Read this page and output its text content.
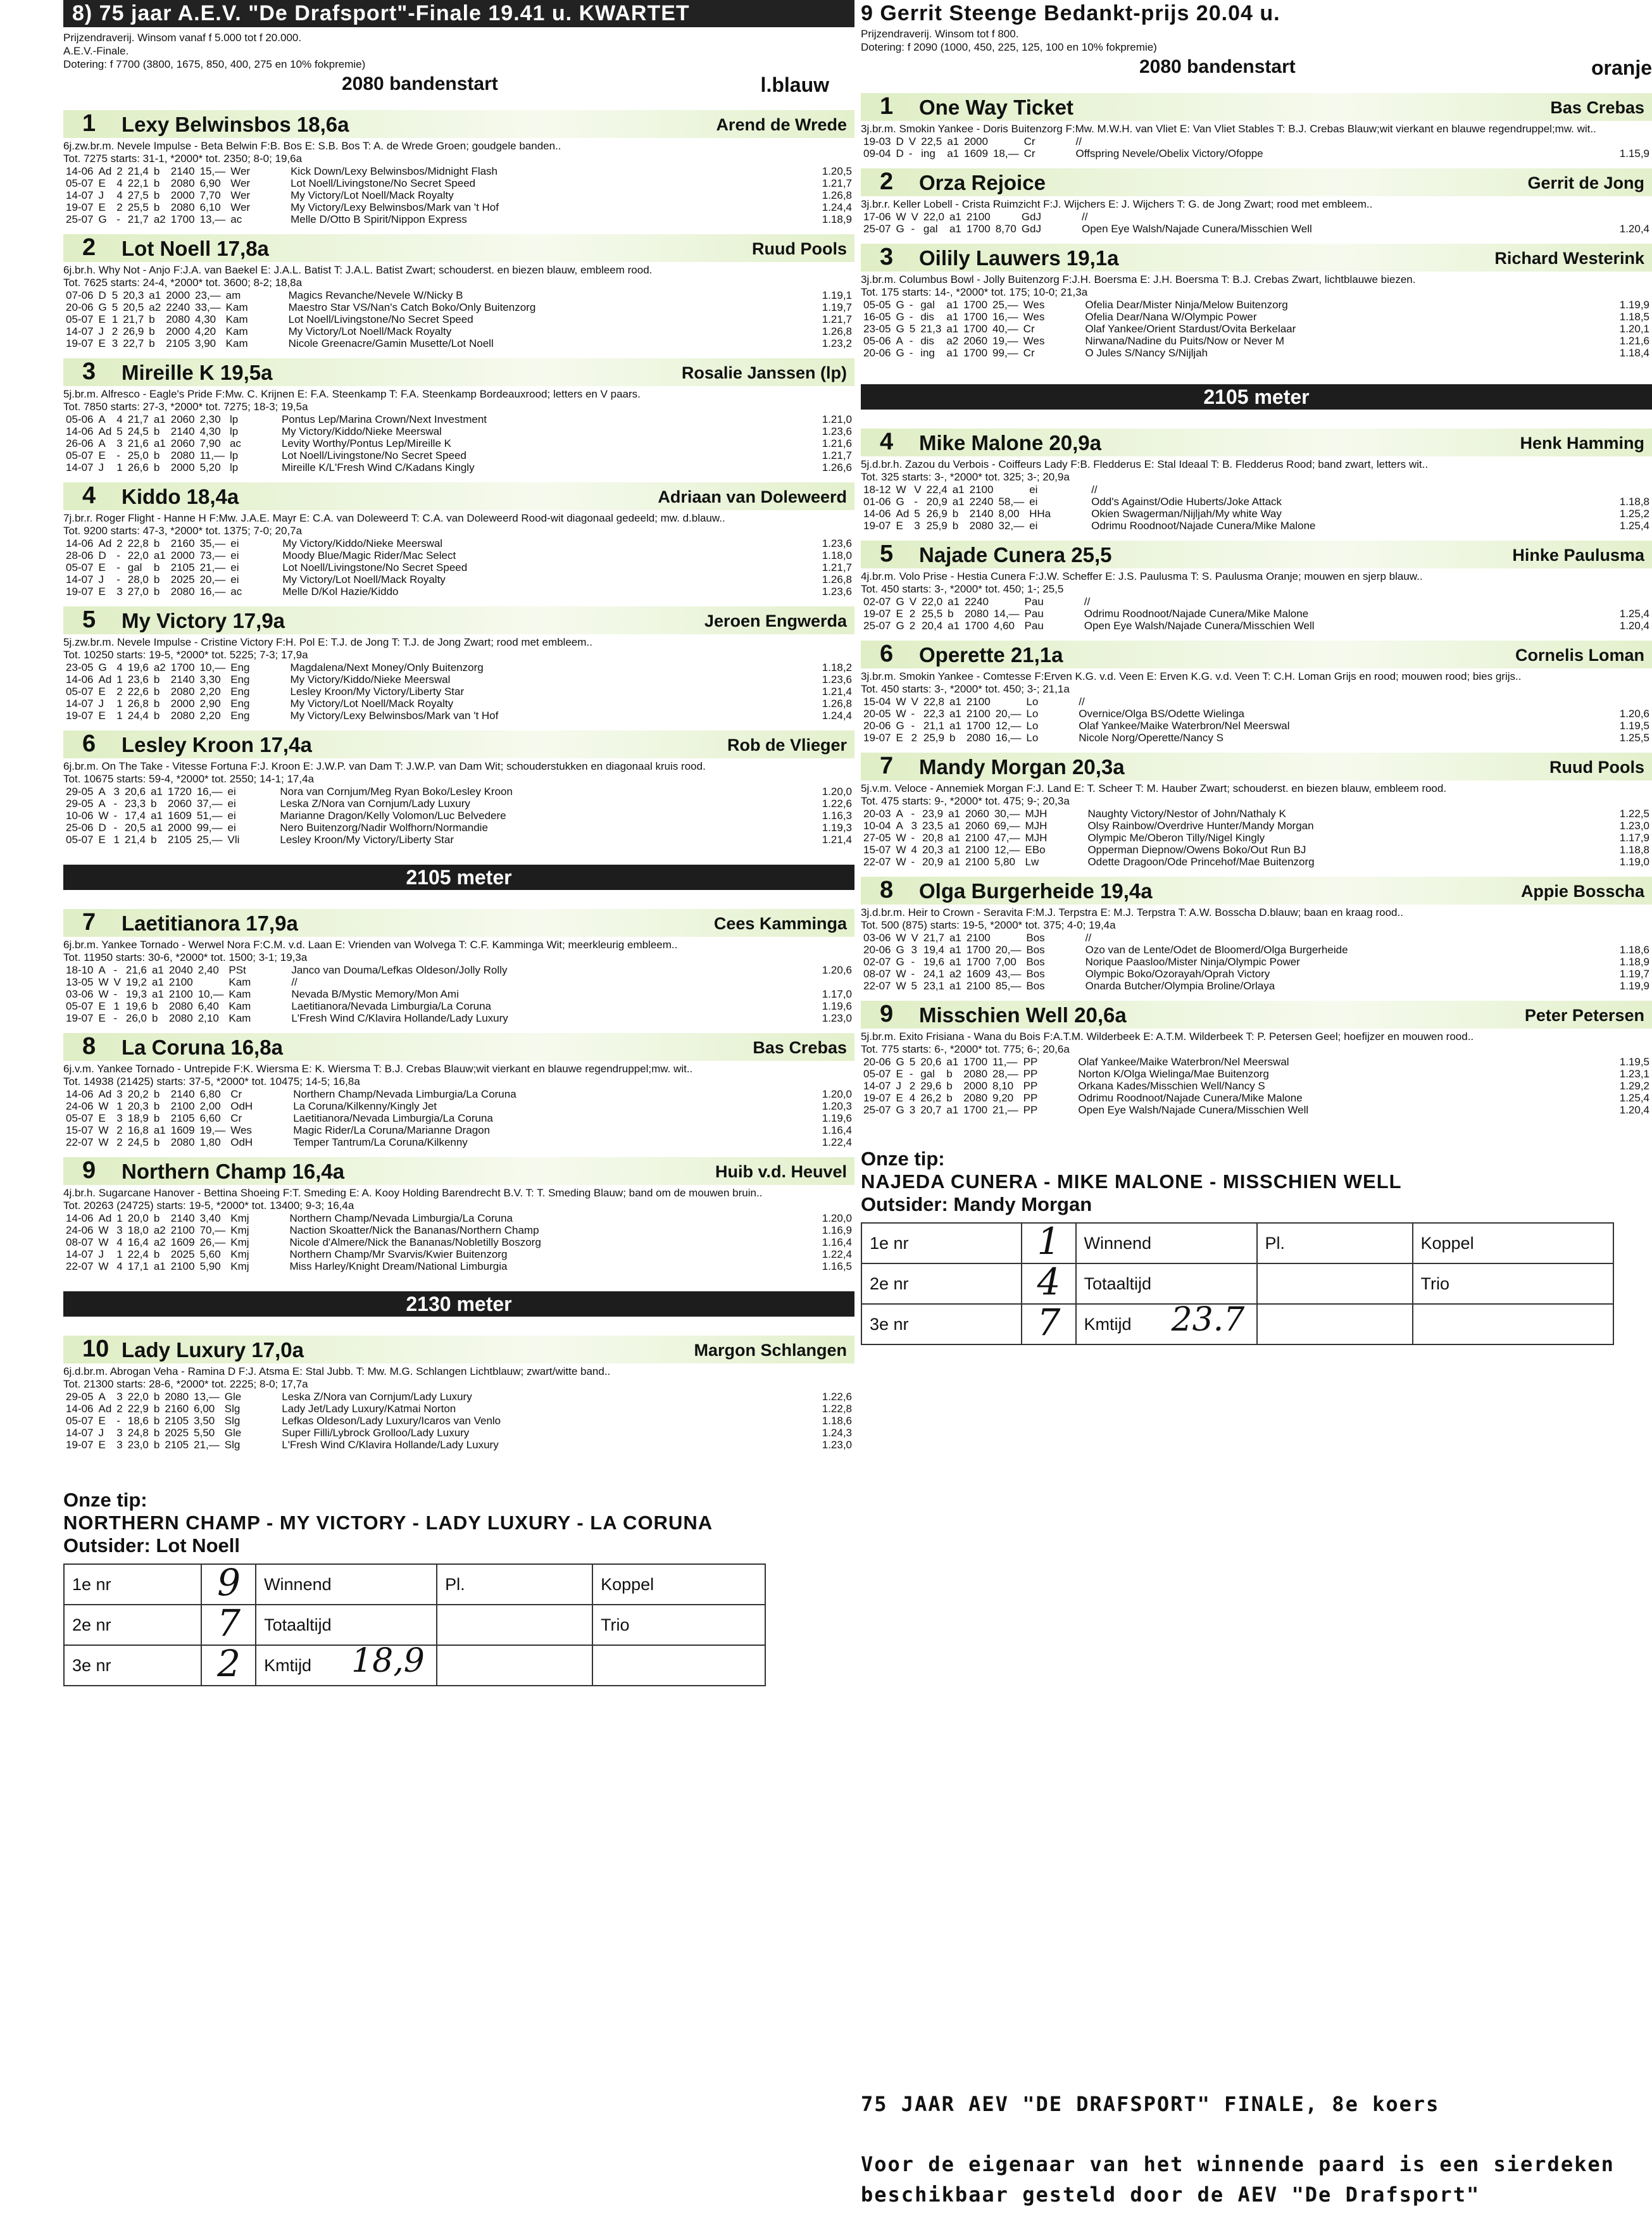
8) 75 jaar A.E.V. "De Drafsport"-Finale 19.41 u. KWARTET
Prijzendraverij. Winsom vanaf f 5.000 tot f 20.000.
A.E.V.-Finale.
Dotering: f 7700 (3800, 1675, 850, 400, 275 en 10% fokpremie)
2080 bandenstart	l.blauw
1 Lexy Belwinsbos 18,6a	Arend de Wrede
6j.zw.br.m. Nevele Impulse - Beta Belwin F:B. Bos E: S.B. Bos T: A. de Wrede Groen; goudgele banden..
Tot. 7275 starts: 31-1, *2000* tot. 2350; 8-0; 19,6a
14-06	Ad	2	21,4	b	2140	15,—	Wer	Kick Down/Lexy Belwinsbos/Midnight Flash	1.20,5
05-07	E	4	22,1	b	2080	6,90	Wer	Lot Noell/Livingstone/No Secret Speed	1.21,7
14-07	J	4	27,5	b	2000	7,70	Wer	My Victory/Lot Noell/Mack Royalty	1.26,8
19-07	E	2	25,5	b	2080	6,10	Wer	My Victory/Lexy Belwinsbos/Mark van 't Hof	1.24,4
25-07	G	-	21,7	a2	1700	13,—	ac	Melle D/Otto B Spirit/Nippon Express	1.18,9
2 Lot Noell 17,8a	Ruud Pools
6j.br.h. Why Not - Anjo F:J.A. van Baekel E: J.A.L. Batist T: J.A.L. Batist Zwart; schouderst. en biezen blauw, embleem rood.
Tot. 7625 starts: 24-4, *2000* tot. 3600; 8-2; 18,8a
07-06	D	5	20,3	a1	2000	23,—	am	Magics Revanche/Nevele W/Nicky B	1.19,1
20-06	G	5	20,5	a2	2240	33,—	Kam	Maestro Star VS/Nan's Catch Boko/Only Buitenzorg	1.19,7
05-07	E	1	21,7	b	2080	4,30	Kam	Lot Noell/Livingstone/No Secret Speed	1.21,7
14-07	J	2	26,9	b	2000	4,20	Kam	My Victory/Lot Noell/Mack Royalty	1.26,8
19-07	E	3	22,7	b	2105	3,90	Kam	Nicole Greenacre/Gamin Musette/Lot Noell	1.23,2
3 Mireille K 19,5a	Rosalie Janssen (lp)
5j.br.m. Alfresco - Eagle's Pride F:Mw. C. Krijnen E: F.A. Steenkamp T: F.A. Steenkamp Bordeauxrood; letters en V paars.
Tot. 7850 starts: 27-3, *2000* tot. 7275; 18-3; 19,5a
05-06	A	4	21,7	a1	2060	2,30	lp	Pontus Lep/Marina Crown/Next Investment	1.21,0
14-06	Ad	5	24,5	b	2140	4,30	lp	My Victory/Kiddo/Nieke Meerswal	1.23,6
26-06	A	3	21,6	a1	2060	7,90	ac	Levity Worthy/Pontus Lep/Mireille K	1.21,6
05-07	E	-	25,0	b	2080	11,—	lp	Lot Noell/Livingstone/No Secret Speed	1.21,7
14-07	J	1	26,6	b	2000	5,20	lp	Mireille K/L'Fresh Wind C/Kadans Kingly	1.26,6
4 Kiddo 18,4a	Adriaan van Doleweerd
7j.br.r. Roger Flight - Hanne H F:Mw. J.A.E. Mayr E: C.A. van Doleweerd T: C.A. van Doleweerd Rood-wit diagonaal gedeeld; mw. d.blauw..
Tot. 9200 starts: 47-3, *2000* tot. 1375; 7-0; 20,7a
14-06	Ad	2	22,8	b	2160	35,—	ei	My Victory/Kiddo/Nieke Meerswal	1.23,6
28-06	D	-	22,0	a1	2000	73,—	ei	Moody Blue/Magic Rider/Mac Select	1.18,0
05-07	E	-	gal	b	2105	21,—	ei	Lot Noell/Livingstone/No Secret Speed	1.21,7
14-07	J	-	28,0	b	2025	20,—	ei	My Victory/Lot Noell/Mack Royalty	1.26,8
19-07	E	3	27,0	b	2080	16,—	ac	Melle D/Kol Hazie/Kiddo	1.23,6
5 My Victory 17,9a	Jeroen Engwerda
5j.zw.br.m. Nevele Impulse - Cristine Victory F:H. Pol E: T.J. de Jong T: T.J. de Jong Zwart; rood met embleem..
Tot. 10250 starts: 19-5, *2000* tot. 5225; 7-3; 17,9a
23-05	G	4	19,6	a2	1700	10,—	Eng	Magdalena/Next Money/Only Buitenzorg	1.18,2
14-06	Ad	1	23,6	b	2140	3,30	Eng	My Victory/Kiddo/Nieke Meerswal	1.23,6
05-07	E	2	22,6	b	2080	2,20	Eng	Lesley Kroon/My Victory/Liberty Star	1.21,4
14-07	J	1	26,8	b	2000	2,90	Eng	My Victory/Lot Noell/Mack Royalty	1.26,8
19-07	E	1	24,4	b	2080	2,20	Eng	My Victory/Lexy Belwinsbos/Mark van 't Hof	1.24,4
6 Lesley Kroon 17,4a	Rob de Vlieger
6j.br.m. On The Take - Vitesse Fortuna F:J. Kroon E: J.W.P. van Dam T: J.W.P. van Dam Wit; schouderstukken en diagonaal kruis rood.
Tot. 10675 starts: 59-4, *2000* tot. 2550; 14-1; 17,4a
29-05	A	3	20,6	a1	1720	16,—	ei	Nora van Cornjum/Meg Ryan Boko/Lesley Kroon	1.20,0
29-05	A	-	23,3	b	2060	37,—	ei	Leska Z/Nora van Cornjum/Lady Luxury	1.22,6
10-06	W	-	17,4	a1	1609	51,—	ei	Marianne Dragon/Kelly Volomon/Luc Belvedere	1.16,3
25-06	D	-	20,5	a1	2000	99,—	ei	Nero Buitenzorg/Nadir Wolfhorn/Normandie	1.19,3
05-07	E	1	21,4	b	2105	25,—	Vli	Lesley Kroon/My Victory/Liberty Star	1.21,4
2105 meter
7 Laetitianora 17,9a	Cees Kamminga
6j.br.m. Yankee Tornado - Werwel Nora F:C.M. v.d. Laan E: Vrienden van Wolvega T: C.F. Kamminga Wit; meerkleurig embleem..
Tot. 11950 starts: 30-6, *2000* tot. 1500; 3-1; 19,3a
18-10	A	-	21,6	a1	2040	2,40	PSt	Janco van Douma/Lefkas Oldeson/Jolly Rolly	1.20,6
13-05	W	V	19,2	a1	2100		Kam	//	
03-06	W	-	19,3	a1	2100	10,—	Kam	Nevada B/Mystic Memory/Mon Ami	1.17,0
05-07	E	1	19,6	b	2080	6,40	Kam	Laetitianora/Nevada Limburgia/La Coruna	1.19,6
19-07	E	-	26,0	b	2080	2,10	Kam	L'Fresh Wind C/Klavira Hollande/Lady Luxury	1.23,0
8 La Coruna 16,8a	Bas Crebas
6j.v.m. Yankee Tornado - Untrepide F:K. Wiersma E: K. Wiersma T: B.J. Crebas Blauw;wit vierkant en blauwe regendruppel;mw. wit..
Tot. 14938 (21425) starts: 37-5, *2000* tot. 10475; 14-5; 16,8a
14-06	Ad	3	20,2	b	2140	6,80	Cr	Northern Champ/Nevada Limburgia/La Coruna	1.20,0
24-06	W	1	20,3	b	2100	2,00	OdH	La Coruna/Kilkenny/Kingly Jet	1.20,3
05-07	E	3	18,9	b	2105	6,60	Cr	Laetitianora/Nevada Limburgia/La Coruna	1.19,6
15-07	W	2	16,8	a1	1609	19,—	Wes	Magic Rider/La Coruna/Marianne Dragon	1.16,4
22-07	W	2	24,5	b	2080	1,80	OdH	Temper Tantrum/La Coruna/Kilkenny	1.22,4
9 Northern Champ 16,4a	Huib v.d. Heuvel
4j.br.h. Sugarcane Hanover - Bettina Shoeing F:T. Smeding E: A. Kooy Holding Barendrecht B.V. T: T. Smeding Blauw; band om de mouwen bruin..
Tot. 20263 (24725) starts: 19-5, *2000* tot. 13400; 9-3; 16,4a
14-06	Ad	1	20,0	b	2140	3,40	Kmj	Northern Champ/Nevada Limburgia/La Coruna	1.20,0
24-06	W	3	18,0	a2	2100	70,—	Kmj	Naction Skoatter/Nick the Bananas/Northern Champ	1.16,9
08-07	W	4	16,4	a2	1609	26,—	Kmj	Nicole d'Almere/Nick the Bananas/Nobletilly Boszorg	1.16,4
14-07	J	1	22,4	b	2025	5,60	Kmj	Northern Champ/Mr Svarvis/Kwier Buitenzorg	1.22,4
22-07	W	4	17,1	a1	2100	5,90	Kmj	Miss Harley/Knight Dream/National Limburgia	1.16,5
2130 meter
10 Lady Luxury 17,0a	Margon Schlangen
6j.d.br.m. Abrogan Veha - Ramina D F:J. Atsma E: Stal Jubb. T: Mw. M.G. Schlangen Lichtblauw; zwart/witte band..
Tot. 21300 starts: 28-6, *2000* tot. 2225; 8-0; 17,7a
29-05	A	3	22,0	b	2080	13,—	Gle	Leska Z/Nora van Cornjum/Lady Luxury	1.22,6
14-06	Ad	2	22,9	b	2160	6,00	Slg	Lady Jet/Lady Luxury/Katmai Norton	1.22,8
05-07	E	-	18,6	b	2105	3,50	Slg	Lefkas Oldeson/Lady Luxury/Icaros van Venlo	1.18,6
14-07	J	3	24,8	b	2025	5,50	Gle	Super Filli/Lybrock Grolloo/Lady Luxury	1.24,3
19-07	E	3	23,0	b	2105	21,—	Slg	L'Fresh Wind C/Klavira Hollande/Lady Luxury	1.23,0
Onze tip:
NORTHERN CHAMP - MY VICTORY - LADY LUXURY - LA CORUNA
Outsider: Lot Noell
1e nr	9	Winnend	Pl.	Koppel
2e nr	7	Totaaltijd		Trio
3e nr	2	Kmtijd 18,9		

9 Gerrit Steenge Bedankt-prijs 20.04 u.
Prijzendraverij. Winsom tot f 800.
Dotering: f 2090 (1000, 450, 225, 125, 100 en 10% fokpremie)
2080 bandenstart	oranje
1 One Way Ticket	Bas Crebas
3j.br.m. Smokin Yankee - Doris Buitenzorg F:Mw. M.W.H. van Vliet E: Van Vliet Stables T: B.J. Crebas Blauw;wit vierkant en blauwe regendruppel;mw. wit..
19-03	D	V	22,5	a1	2000		Cr	//	
09-04	D	-	ing	a1	1609	18,—	Cr	Offspring Nevele/Obelix Victory/Ofoppe	1.15,9
2 Orza Rejoice	Gerrit de Jong
3j.br.r. Keller Lobell - Crista Ruimzicht F:J. Wijchers E: J. Wijchers T: G. de Jong Zwart; rood met embleem..
17-06	W	V	22,0	a1	2100		GdJ	//	
25-07	G	-	gal	a1	1700	8,70	GdJ	Open Eye Walsh/Najade Cunera/Misschien Well	1.20,4
3 Oilily Lauwers 19,1a	Richard Westerink
3j.br.m. Columbus Bowl - Jolly Buitenzorg F:J.H. Boersma E: J.H. Boersma T: B.J. Crebas Zwart, lichtblauwe biezen.
Tot. 175 starts: 14-, *2000* tot. 175; 10-0; 21,3a
05-05	G	-	gal	a1	1700	25,—	Wes	Ofelia Dear/Mister Ninja/Melow Buitenzorg	1.19,9
16-05	G	-	dis	a1	1700	16,—	Wes	Ofelia Dear/Nana W/Olympic Power	1.18,5
23-05	G	5	21,3	a1	1700	40,—	Cr	Olaf Yankee/Orient Stardust/Ovita Berkelaar	1.20,1
05-06	A	-	dis	a2	2060	19,—	Wes	Nirwana/Nadine du Puits/Now or Never M	1.21,6
20-06	G	-	ing	a1	1700	99,—	Cr	O Jules S/Nancy S/Nijljah	1.18,4
2105 meter
4 Mike Malone 20,9a	Henk Hamming
5j.d.br.h. Zazou du Verbois - Coiffeurs Lady F:B. Fledderus E: Stal Ideaal T: B. Fledderus Rood; band zwart, letters wit..
Tot. 325 starts: 3-, *2000* tot. 325; 3-; 20,9a
18-12	W	V	22,4	a1	2100		ei	//	
01-06	G	-	20,9	a1	2240	58,—	ei	Odd's Against/Odie Huberts/Joke Attack	1.18,8
14-06	Ad	5	26,9	b	2140	8,00	HHa	Okien Swagerman/Nijljah/My white Way	1.25,2
19-07	E	3	25,9	b	2080	32,—	ei	Odrimu Roodnoot/Najade Cunera/Mike Malone	1.25,4
5 Najade Cunera 25,5	Hinke Paulusma
4j.br.m. Volo Prise - Hestia Cunera F:J.W. Scheffer E: J.S. Paulusma T: S. Paulusma Oranje; mouwen en sjerp blauw..
Tot. 450 starts: 3-, *2000* tot. 450; 1-; 25,5
02-07	G	V	22,0	a1	2240		Pau	//	
19-07	E	2	25,5	b	2080	14,—	Pau	Odrimu Roodnoot/Najade Cunera/Mike Malone	1.25,4
25-07	G	2	20,4	a1	1700	4,60	Pau	Open Eye Walsh/Najade Cunera/Misschien Well	1.20,4
6 Operette 21,1a	Cornelis Loman
3j.br.m. Smokin Yankee - Comtesse F:Erven K.G. v.d. Veen E: Erven K.G. v.d. Veen T: C.H. Loman Grijs en rood; mouwen rood; bies grijs..
Tot. 450 starts: 3-, *2000* tot. 450; 3-; 21,1a
15-04	W	V	22,8	a1	2100		Lo	//	
20-05	W	-	22,3	a1	2100	20,—	Lo	Overnice/Olga BS/Odette Wielinga	1.20,6
20-06	G	-	21,1	a1	1700	12,—	Lo	Olaf Yankee/Maike Waterbron/Nel Meerswal	1.19,5
19-07	E	2	25,9	b	2080	16,—	Lo	Nicole Norg/Operette/Nancy S	1.25,5
7 Mandy Morgan 20,3a	Ruud Pools
5j.v.m. Veloce - Annemiek Morgan F:J. Land E: T. Scheer T: M. Hauber Zwart; schouderst. en biezen blauw, embleem rood.
Tot. 475 starts: 9-, *2000* tot. 475; 9-; 20,3a
20-03	A	-	23,9	a1	2060	30,—	MJH	Naughty Victory/Nestor of John/Nathaly K	1.22,5
10-04	A	3	23,5	a1	2060	69,—	MJH	Olsy Rainbow/Overdrive Hunter/Mandy Morgan	1.23,0
27-05	W	-	20,8	a1	2100	47,—	MJH	Olympic Me/Oberon Tilly/Nigel Kingly	1.17,9
15-07	W	4	20,3	a1	2100	12,—	EBo	Opperman Diepnow/Owens Boko/Out Run BJ	1.18,8
22-07	W	-	20,9	a1	2100	5,80	Lw	Odette Dragoon/Ode Princehof/Mae Buitenzorg	1.19,0
8 Olga Burgerheide 19,4a	Appie Bosscha
3j.d.br.m. Heir to Crown - Seravita F:M.J. Terpstra E: M.J. Terpstra T: A.W. Bosscha D.blauw; baan en kraag rood..
Tot. 500 (875) starts: 19-5, *2000* tot. 375; 4-0; 19,4a
03-06	W	V	21,7	a1	2100		Bos	//	
20-06	G	3	19,4	a1	1700	20,—	Bos	Ozo van de Lente/Odet de Bloomerd/Olga Burgerheide	1.18,6
02-07	G	-	19,6	a1	1700	7,00	Bos	Norique Paasloo/Mister Ninja/Olympic Power	1.18,9
08-07	W	-	24,1	a2	1609	43,—	Bos	Olympic Boko/Ozorayah/Oprah Victory	1.19,7
22-07	W	5	23,1	a1	2100	85,—	Bos	Onarda Butcher/Olympia Broline/Orlaya	1.19,9
9 Misschien Well 20,6a	Peter Petersen
5j.br.m. Exito Frisiana - Wana du Bois F:A.T.M. Wilderbeek E: A.T.M. Wilderbeek T: P. Petersen Geel; hoefijzer en mouwen rood..
Tot. 775 starts: 6-, *2000* tot. 775; 6-; 20,6a
20-06	G	5	20,6	a1	1700	11,—	PP	Olaf Yankee/Maike Waterbron/Nel Meerswal	1.19,5
05-07	E	-	gal	b	2080	28,—	PP	Norton K/Olga Wielinga/Mae Buitenzorg	1.23,1
14-07	J	2	29,6	b	2000	8,10	PP	Orkana Kades/Misschien Well/Nancy S	1.29,2
19-07	E	4	26,2	b	2080	9,20	PP	Odrimu Roodnoot/Najade Cunera/Mike Malone	1.25,4
25-07	G	3	20,7	a1	1700	21,—	PP	Open Eye Walsh/Najade Cunera/Misschien Well	1.20,4
Onze tip:
NAJEDA CUNERA - MIKE MALONE - MISSCHIEN WELL
Outsider: Mandy Morgan
1e nr	1	Winnend	Pl.	Koppel
2e nr	4	Totaaltijd		Trio
3e nr	7	Kmtijd 23.7		

75 JAAR AEV "DE DRAFSPORT" FINALE, 8e koers
Voor de eigenaar van het winnende paard is een sierdeken
beschikbaar gesteld door de AEV "De Drafsport"
